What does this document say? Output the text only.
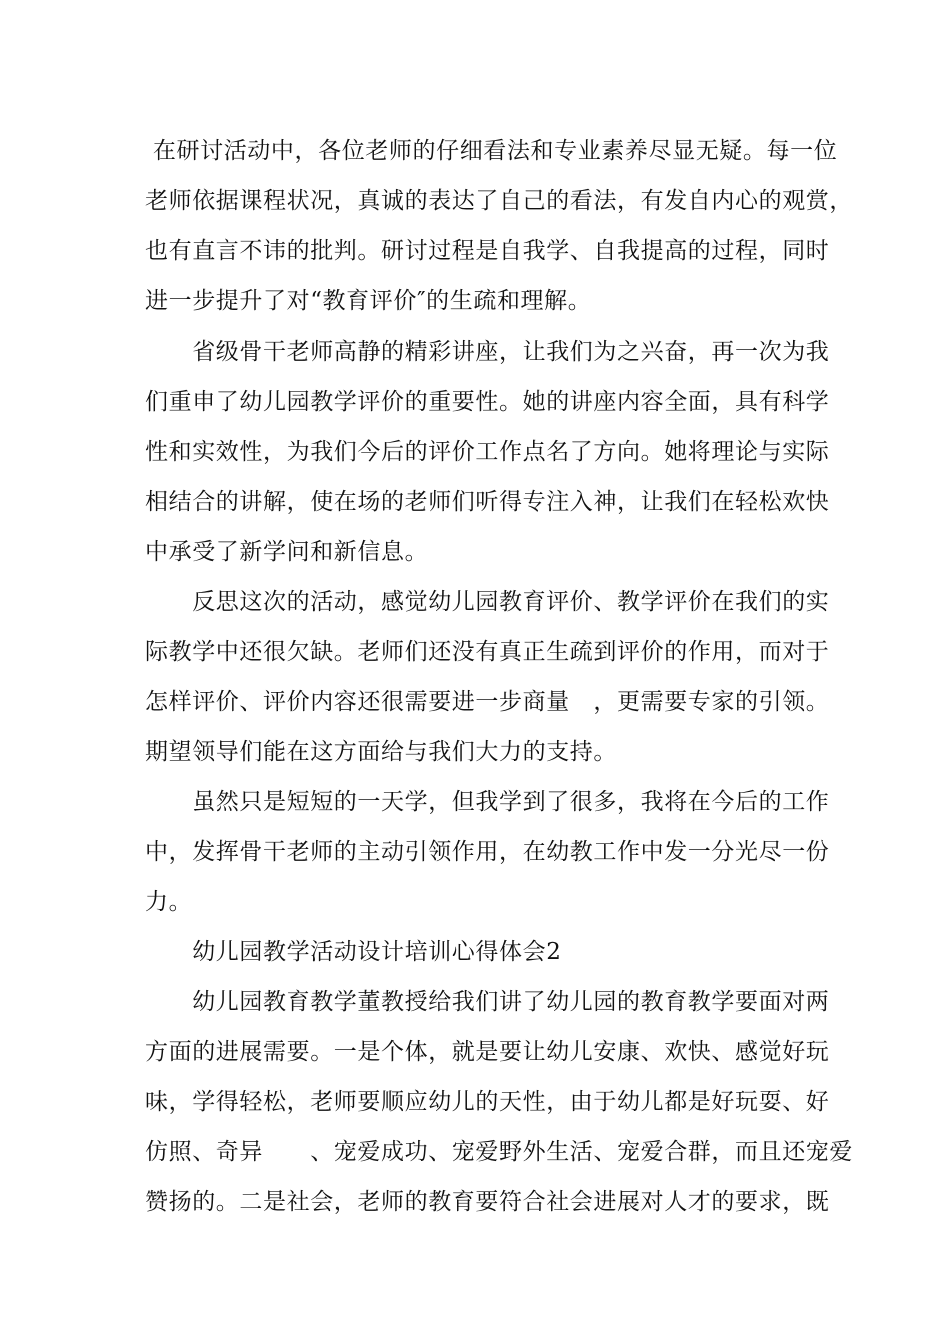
在研讨活动中，各位老师的仔细看法和专业素养尽显无疑。每一位
老师依据课程状况，真诚的表达了自己的看法，有发自内心的观赏，
也有直言不讳的批判。研讨过程是自我学、自我提高的过程，同时
进一步提升了对“教育评价″的生疏和理解。
　　省级骨干老师高静的精彩讲座，让我们为之兴奋，再一次为我
们重申了幼儿园教学评价的重要性。她的讲座内容全面，具有科学
性和实效性，为我们今后的评价工作点名了方向。她将理论与实际
相结合的讲解，使在场的老师们听得专注入神，让我们在轻松欢快
中承受了新学问和新信息。
　　反思这次的活动，感觉幼儿园教育评价、教学评价在我们的实
际教学中还很欠缺。老师们还没有真正生疏到评价的作用，而对于
怎样评价、评价内容还很需要进一步商量　，更需要专家的引领。
期望领导们能在这方面给与我们大力的支持。
　　虽然只是短短的一天学，但我学到了很多，我将在今后的工作
中，发挥骨干老师的主动引领作用，在幼教工作中发一分光尽一份
力。
　　幼儿园教学活动设计培训心得体会2
　　幼儿园教育教学董教授给我们讲了幼儿园的教育教学要面对两
方面的进展需要。一是个体，就是要让幼儿安康、欢快、感觉好玩
味，学得轻松，老师要顺应幼儿的天性，由于幼儿都是好玩耍、好
仿照、奇异　　、宠爱成功、宠爱野外生活、宠爱合群，而且还宠爱
赞扬的。二是社会，老师的教育要符合社会进展对人才的要求，既
